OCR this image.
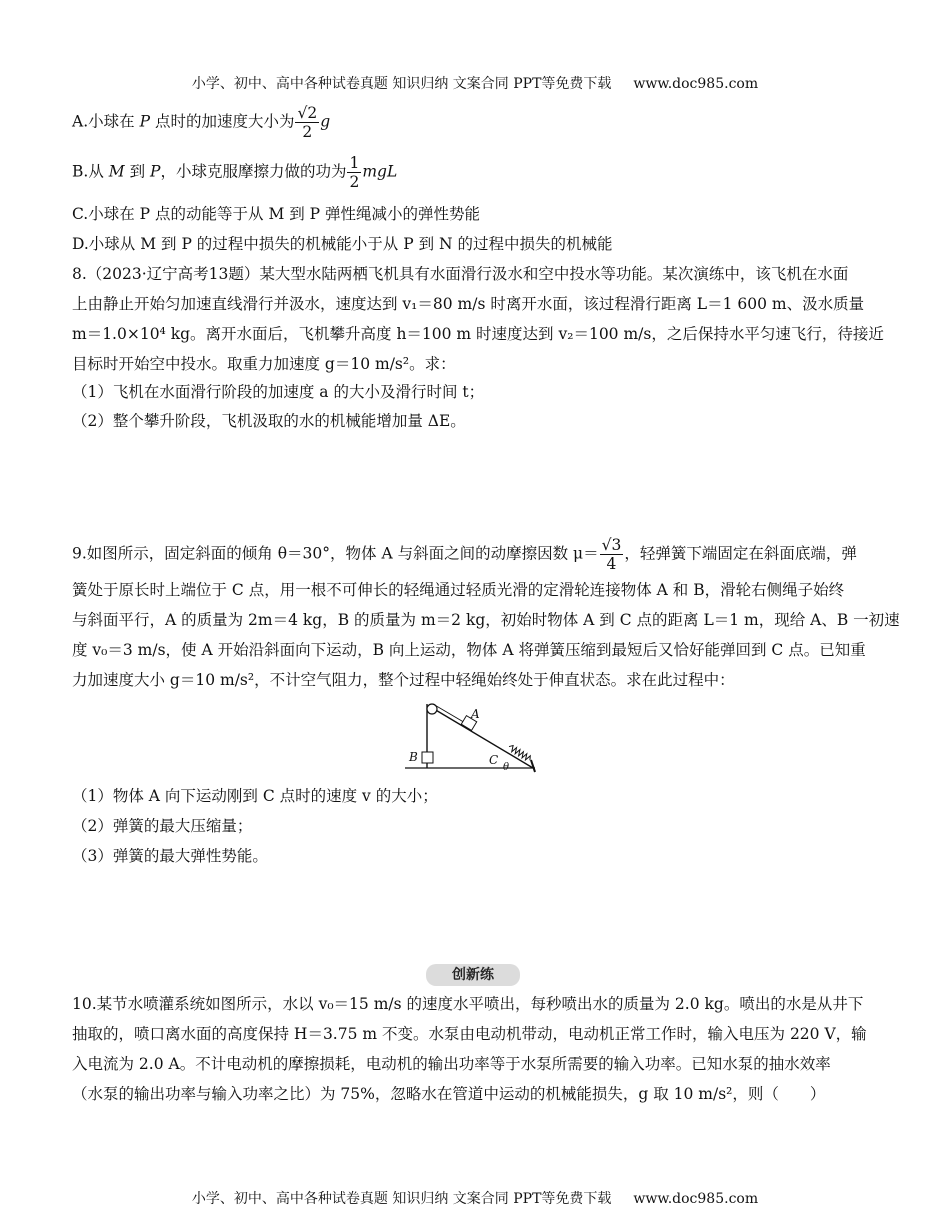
小学、初中、高中各种试卷真题 知识归纳 文案合同 PPT等免费下载 www.doc985.com
A.小球在 P 点时的加速度大小为 $\frac{√2}{2}$ g
B.从 M 到 P，小球克服摩擦力做的功为 $\frac{1}{2}$ mgL
C.小球在 P 点的动能等于从 M 到 P 弹性绳减小的弹性势能
D.小球从 M 到 P 的过程中损失的机械能小于从 P 到 N 的过程中损失的机械能
8.（2023·辽宁高考13题）某大型水陆两栖飞机具有水面滑行汲水和空中投水等功能。某次演练中，该飞机在水面
上由静止开始匀加速直线滑行并汲水，速度达到 v₁＝80 m/s 时离开水面，该过程滑行距离 L＝1 600 m、汲水质量
m＝1.0×10⁴ kg。离开水面后，飞机攀升高度 h＝100 m 时速度达到 v₂＝100 m/s，之后保持水平匀速飞行，待接近
目标时开始空中投水。取重力加速度 g＝10 m/s²。求：
（1）飞机在水面滑行阶段的加速度 a 的大小及滑行时间 t；
（2）整个攀升阶段，飞机汲取的水的机械能增加量 ΔE。
9.如图所示，固定斜面的倾角 θ＝30°，物体 A 与斜面之间的动摩擦因数 $\mu= \frac{√3}{4}$ ，轻弹簧下端固定在斜面底端，弹
簧处于原长时上端位于 C 点，用一根不可伸长的轻绳通过轻质光滑的定滑轮连接物体 A 和 B，滑轮右侧绳子始终
与斜面平行，A 的质量为 2m＝4 kg，B 的质量为 m＝2 kg，初始时物体 A 到 C 点的距离 L＝1 m，现给 A、B 一初速
度 v₀＝3 m/s，使 A 开始沿斜面向下运动，B 向上运动，物体 A 将弹簧压缩到最短后又恰好能弹回到 C 点。已知重
力加速度大小 g＝10 m/s²，不计空气阻力，整个过程中轻绳始终处于伸直状态。求在此过程中：
A
B	C
θ
（1）物体 A 向下运动刚到 C 点时的速度 v 的大小；
（2）弹簧的最大压缩量；
（3）弹簧的最大弹性势能。
创新练
10.某节水喷灌系统如图所示，水以 v₀＝15 m/s 的速度水平喷出，每秒喷出水的质量为 2.0 kg。喷出的水是从井下
抽取的，喷口离水面的高度保持 H＝3.75 m 不变。水泵由电动机带动，电动机正常工作时，输入电压为 220 V，输
入电流为 2.0 A。不计电动机的摩擦损耗，电动机的输出功率等于水泵所需要的输入功率。已知水泵的抽水效率
（水泵的输出功率与输入功率之比）为 75%，忽略水在管道中运动的机械能损失，g 取 10 m/s²，则（　　）
小学、初中、高中各种试卷真题 知识归纳 文案合同 PPT等免费下载 www.doc985.com
